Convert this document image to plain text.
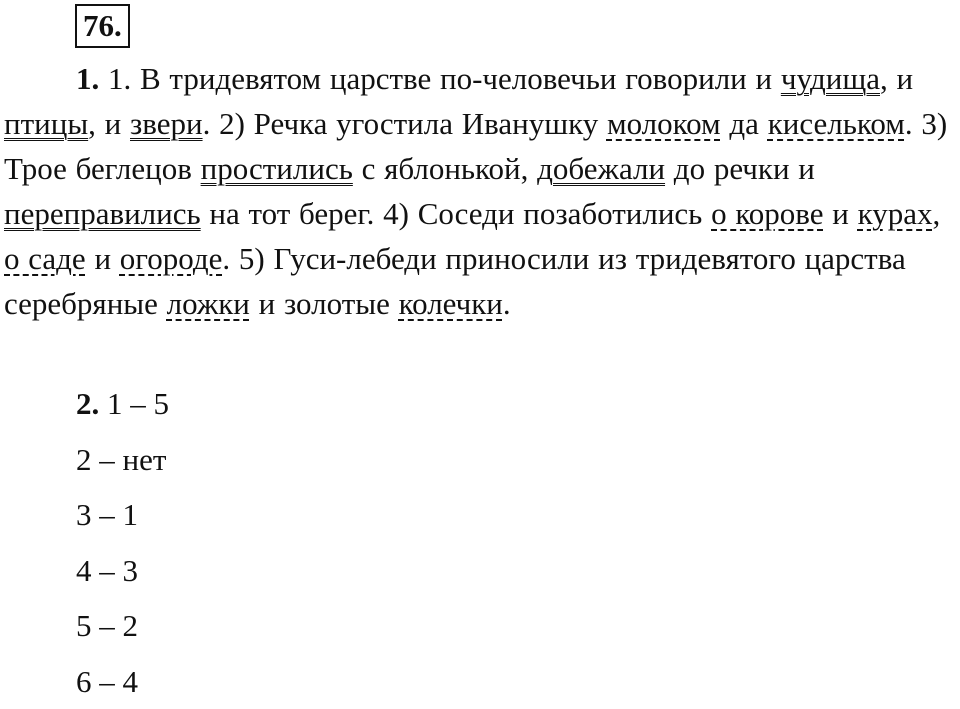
76.
1. 1. В тридевятом царстве по-человечьи говорили и чудища, и птицы, и звери. 2) Речка угостила Иванушку молоком да кисельком. 3) Трое беглецов простились с яблонькой, добежали до речки и переправились на тот берег. 4) Соседи позаботились о корове и курах, о саде и огороде. 5) Гуси-лебеди приносили из тридевятого царства серебряные ложки и золотые колечки.
2. 1 – 5
2 – нет
3 – 1
4 – 3
5 – 2
6 – 4
